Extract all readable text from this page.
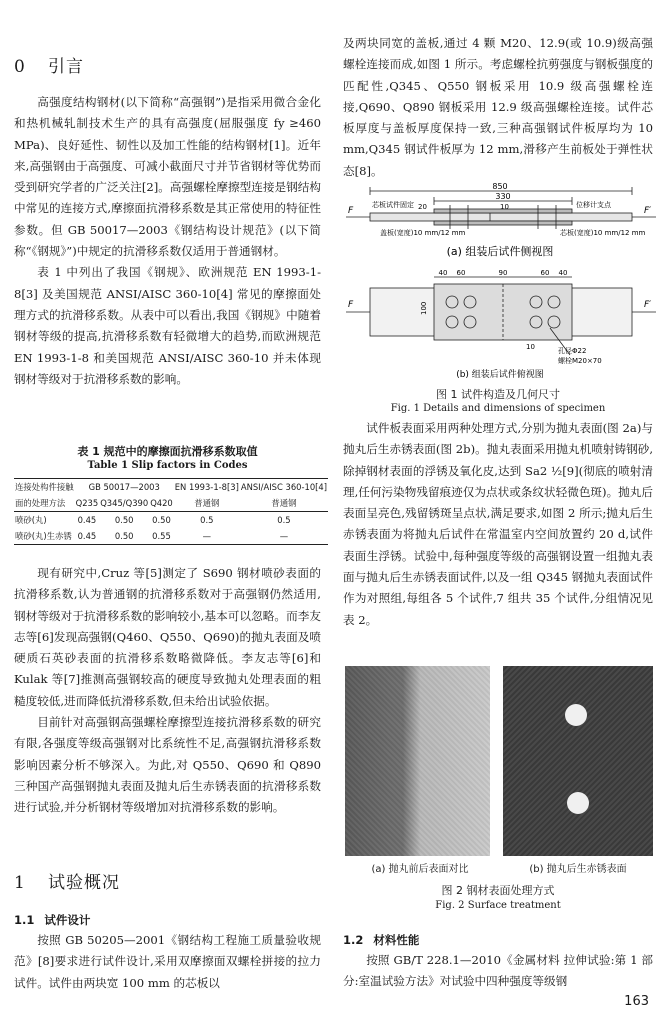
0 引言

高强度结构钢材(以下简称“高强钢”)是指采用微合金化和热机械轧制技术生产的具有高强度(屈服强度 fy ≥460 MPa)、良好延性、韧性以及加工性能的结构钢材[1]。近年来,高强钢由于高强度、可减小截面尺寸并节省钢材等优势而受到研究学者的广泛关注[2]。高强螺栓摩擦型连接是钢结构中常见的连接方式,摩擦面抗滑移系数是其正常使用的特征性参数。但 GB 50017—2003《钢结构设计规范》(以下简称“《钢规》”)中规定的抗滑移系数仅适用于普通钢材。

表 1 中列出了我国《钢规》、欧洲规范 EN 1993-1-8[3] 及美国规范 ANSI/AISC 360-10[4] 常见的摩擦面处理方式的抗滑移系数。从表中可以看出,我国《钢规》中随着钢材等级的提高,抗滑移系数有轻微增大的趋势,而欧洲规范 EN 1993-1-8 和美国规范 ANSI/AISC 360-10 并未体现钢材等级对于抗滑移系数的影响。

表 1 规范中的摩擦面抗滑移系数取值
Table 1 Slip factors in Codes
连接处构件接触	GB 50017—2003			EN 1993-1-8[3]	ANSI/AISC 360-10[4]
面的处理方法	Q235	Q345/Q390	Q420	普通钢	普通钢
喷砂(丸)	0.45	0.50	0.50	0.5	0.5
喷砂(丸)生赤锈	0.45	0.50	0.55	—	—

现有研究中,Cruz 等[5]测定了 S690 钢材喷砂表面的抗滑移系数,认为普通钢的抗滑移系数对于高强钢仍然适用,钢材等级对于抗滑移系数的影响较小,基本可以忽略。而李友志等[6]发现高强钢(Q460、Q550、Q690)的抛丸表面及喷硬质石英砂表面的抗滑移系数略微降低。李友志等[6]和 Kulak 等[7]推测高强钢较高的硬度导致抛丸处理表面的粗糙度较低,进而降低抗滑移系数,但未给出试验依据。

目前针对高强钢高强螺栓摩擦型连接抗滑移系数的研究有限,各强度等级高强钢对比系统性不足,高强钢抗滑移系数影响因素分析不够深入。为此,对 Q550、Q690 和 Q890 三种国产高强钢抛丸表面及抛丸后生赤锈表面的抗滑移系数进行试验,并分析钢材等级增加对抗滑移系数的影响。

1 试验概况
1.1 试件设计

按照 GB 50205—2001《钢结构工程施工质量验收规范》[8]要求进行试件设计,采用双摩擦面双螺栓拼接的拉力试件。试件由两块宽 100 mm 的芯板以

及两块同宽的盖板,通过 4 颗 M20、12.9(或 10.9)级高强螺栓连接而成,如图 1 所示。考虑螺栓抗剪强度与钢板强度的匹配性,Q345、Q550 钢板采用 10.9 级高强螺栓连接,Q690、Q890 钢板采用 12.9 级高强螺栓连接。试件芯板厚度与盖板厚度保持一致,三种高强钢试件板厚均为 10 mm,Q345 钢试件板厚为 12 mm,滑移产生前板处于弹性状态[8]。

850
330
20	10
F	F′
芯板试件固定
盖板(宽度)10 mm/12 mm
位移计支点
芯板(宽度)10 mm/12 mm
(a) 组装后试件侧视图
40 60	90	60 40
100
F	F′
孔径Φ22
螺栓M20×70
10
(b) 组装后试件俯视图
图 1 试件构造及几何尺寸
Fig. 1 Details and dimensions of specimen

试件板表面采用两种处理方式,分别为抛丸表面(图 2a)与抛丸后生赤锈表面(图 2b)。抛丸表面采用抛丸机喷射铸钢砂,除掉钢材表面的浮锈及氧化皮,达到 Sa2 ½[9](彻底的喷射清理,任何污染物残留痕迹仅为点状或条纹状轻微色斑)。抛丸后表面呈亮色,残留锈斑呈点状,满足要求,如图 2 所示;抛丸后生赤锈表面为将抛丸后试件在常温室内空间放置约 20 d,试件表面生浮锈。试验中,每种强度等级的高强钢设置一组抛丸表面与抛丸后生赤锈表面试件,以及一组 Q345 钢抛丸表面试件作为对照组,每组各 5 个试件,7 组共 35 个试件,分组情况见表 2。

(a) 抛丸前后表面对比	(b) 抛丸后生赤锈表面
图 2 钢材表面处理方式
Fig. 2 Surface treatment
1.2 材料性能

按照 GB/T 228.1—2010《金属材料 拉伸试验:第 1 部分:室温试验方法》对试验中四种强度等级钢

163
